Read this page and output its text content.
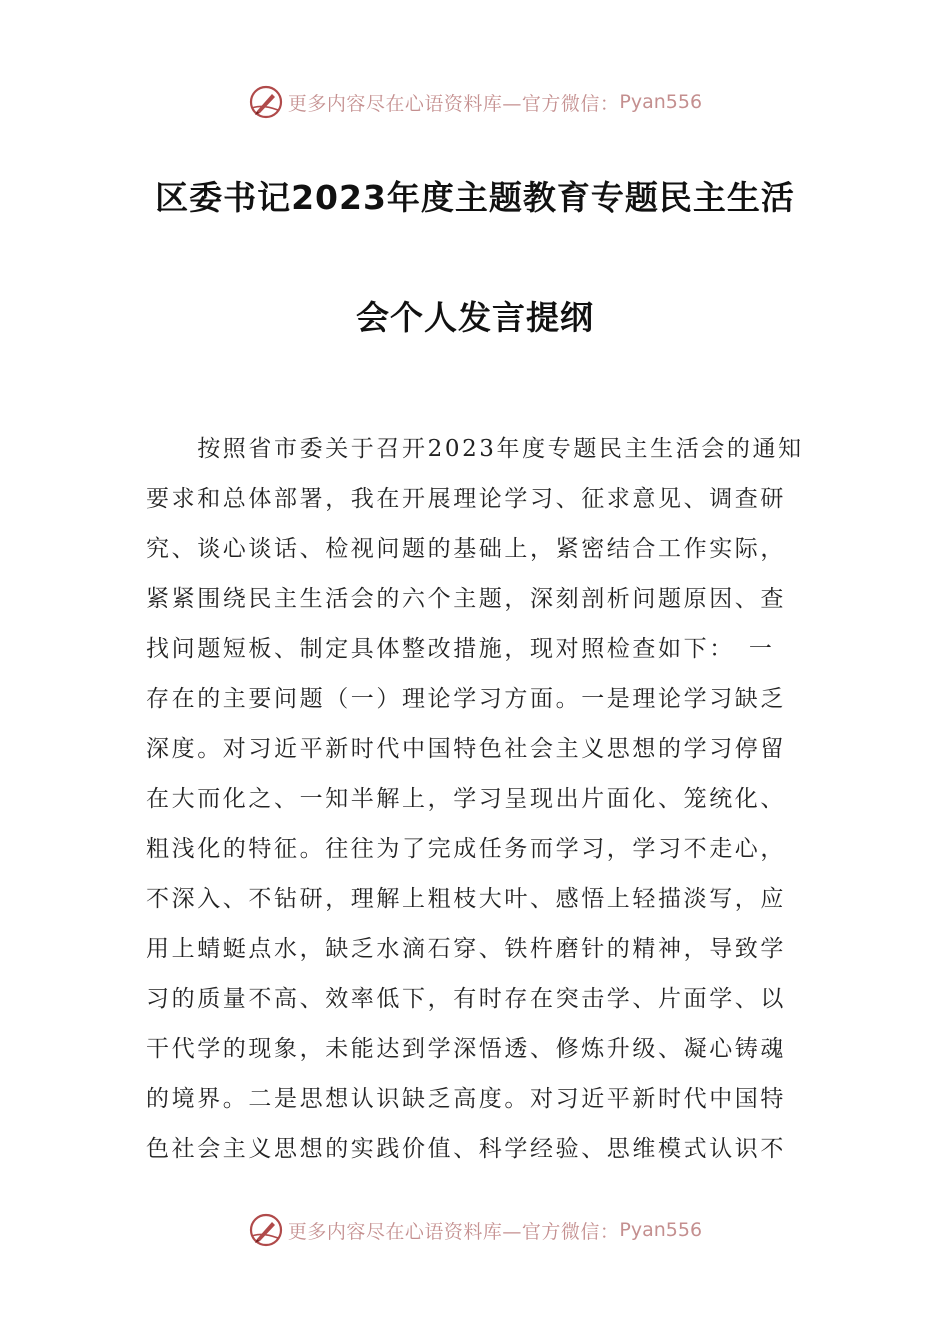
更多内容尽在心语资料库—官方微信： Pyan556
区委书记2023年度主题教育专题民主生活
会个人发言提纲
　　按照省市委关于召开2023年度专题民主生活会的通知
要求和总体部署，我在开展理论学习、征求意见、调查研
究、谈心谈话、检视问题的基础上，紧密结合工作实际，
紧紧围绕民主生活会的六个主题，深刻剖析问题原因、查
找问题短板、制定具体整改措施，现对照检查如下：　一
存在的主要问题（一）理论学习方面。一是理论学习缺乏
深度。对习近平新时代中国特色社会主义思想的学习停留
在大而化之、一知半解上，学习呈现出片面化、笼统化、
粗浅化的特征。往往为了完成任务而学习，学习不走心，
不深入、不钻研，理解上粗枝大叶、感悟上轻描淡写，应
用上蜻蜓点水，缺乏水滴石穿、铁杵磨针的精神，导致学
习的质量不高、效率低下，有时存在突击学、片面学、以
干代学的现象，未能达到学深悟透、修炼升级、凝心铸魂
的境界。二是思想认识缺乏高度。对习近平新时代中国特
色社会主义思想的实践价值、科学经验、思维模式认识不
更多内容尽在心语资料库—官方微信： Pyan556
